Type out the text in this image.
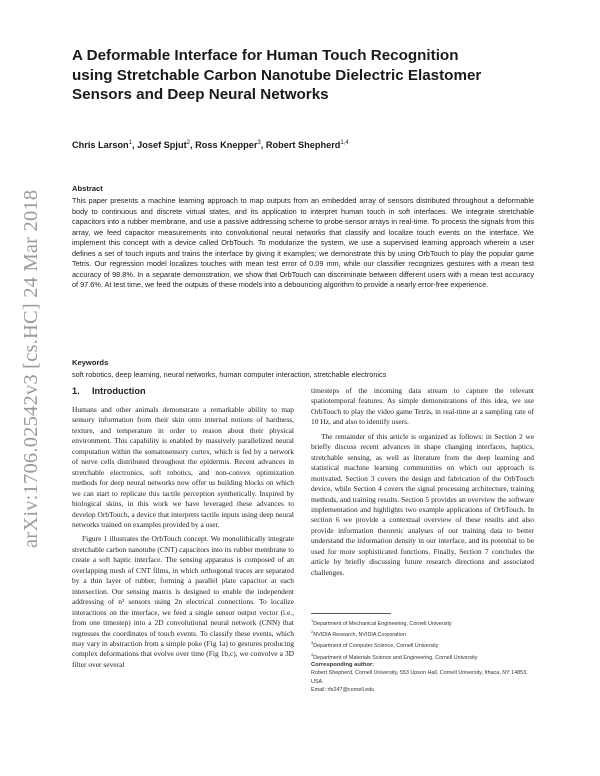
arXiv:1706.02542v3 [cs.HC] 24 Mar 2018
A Deformable Interface for Human Touch Recognition using Stretchable Carbon Nanotube Dielectric Elastomer Sensors and Deep Neural Networks
Chris Larson$^1$, Josef Spjut$^2$, Ross Knepper$^3$, Robert Shepherd$^{1,4}$
Abstract

This paper presents a machine learning approach to map outputs from an embedded array of sensors distributed throughout a deformable body to continuous and discrete virtual states, and its application to interpret human touch in soft interfaces. We integrate stretchable capacitors into a rubber membrane, and use a passive addressing scheme to probe sensor arrays in real-time. To process the signals from this array, we feed capacitor measurements into convolutional neural networks that classify and localize touch events on the interface. We implement this concept with a device called OrbTouch. To modularize the system, we use a supervised learning approach wherein a user defines a set of touch inputs and trains the interface by giving it examples; we demonstrate this by using OrbTouch to play the popular game Tetris. Our regression model localizes touches with mean test error of 0.09 mm, while our classifier recognizes gestures with a mean test accuracy of 98.8%. In a separate demonstration, we show that OrbTouch can discriminate between different users with a mean test accuracy of 97.6%. At test time, we feed the outputs of these models into a debouncing algorithm to provide a nearly error-free experience.

Keywords
soft robotics, deep learning, neural networks, human computer interaction, stretchable electronics
1. Introduction

Humans and other animals demonstrate a remarkable ability to map sensory information from their skin onto internal notions of hardness, texture, and temperature in order to reason about their physical environment. This capability is enabled by massively parallelized neural computation within the somatosensory cortex, which is fed by a network of nerve cells distributed throughout the epidermis. Recent advances in stretchable electronics, soft robotics, and non-convex optimization methods for deep neural networks now offer us building blocks on which we can start to replicate this tactile perception synthetically. Inspired by biological skins, in this work we have leveraged these advances to develop OrbTouch, a device that interprets tactile inputs using deep neural networks trained on examples provided by a user.

Figure 1 illustrates the OrbTouch concept. We monolithically integrate stretchable carbon nanotube (CNT) capacitors into its rubber membrane to create a soft haptic interface. The sensing apparatus is composed of an overlapping mesh of CNT films, in which orthogonal traces are separated by a thin layer of rubber, forming a parallel plate capacitor at each intersection. Our sensing matrix is designed to enable the independent addressing of n² sensors using 2n electrical connections. To localize interactions on the interface, we feed a single sensor output vector (i.e., from one timestep) into a 2D convolutional neural network (CNN) that regresses the coordinates of touch events. To classify these events, which may vary in abstraction from a simple poke (Fig 1a) to gestures producing complex deformations that evolve over time (Fig 1b,c), we convolve a 3D filter over several

timesteps of the incoming data stream to capture the relevant spatiotemporal features. As simple demonstrations of this idea, we use OrbTouch to play the video game Tetris, in real-time at a sampling rate of 10 Hz, and also to identify users.

The remainder of this article is organized as follows: in Section 2 we briefly discuss recent advances in shape changing interfaces, haptics, stretchable sensing, as well as literature from the deep learning and statistical machine learning communities on which our approach is motivated. Section 3 covers the design and fabrication of the OrbTouch device, while Section 4 covers the signal processing architecture, training methods, and training results. Section 5 provides an overview the software implementation and highlights two example applications of OrbTouch. In section 6 we provide a contextual overview of these results and also provide information theoretic analyses of our training data to better understand the information density in our interface, and its potential to be used for more sophisticated functions. Finally, Section 7 concludes the article by briefly discussing future research directions and associated challenges.

$^1$Department of Mechanical Engineering, Cornell University
$^2$NVIDIA Research, NVIDIA Corporation
$^3$Department of Computer Science, Cornell University
$^4$Department of Materials Science and Engineering, Cornell University
Corresponding author:
Robert Shepherd, Cornell University, 553 Upson Hall, Cornell University, Ithaca, NY 14853, USA.
Email: rfs247@cornell.edu
